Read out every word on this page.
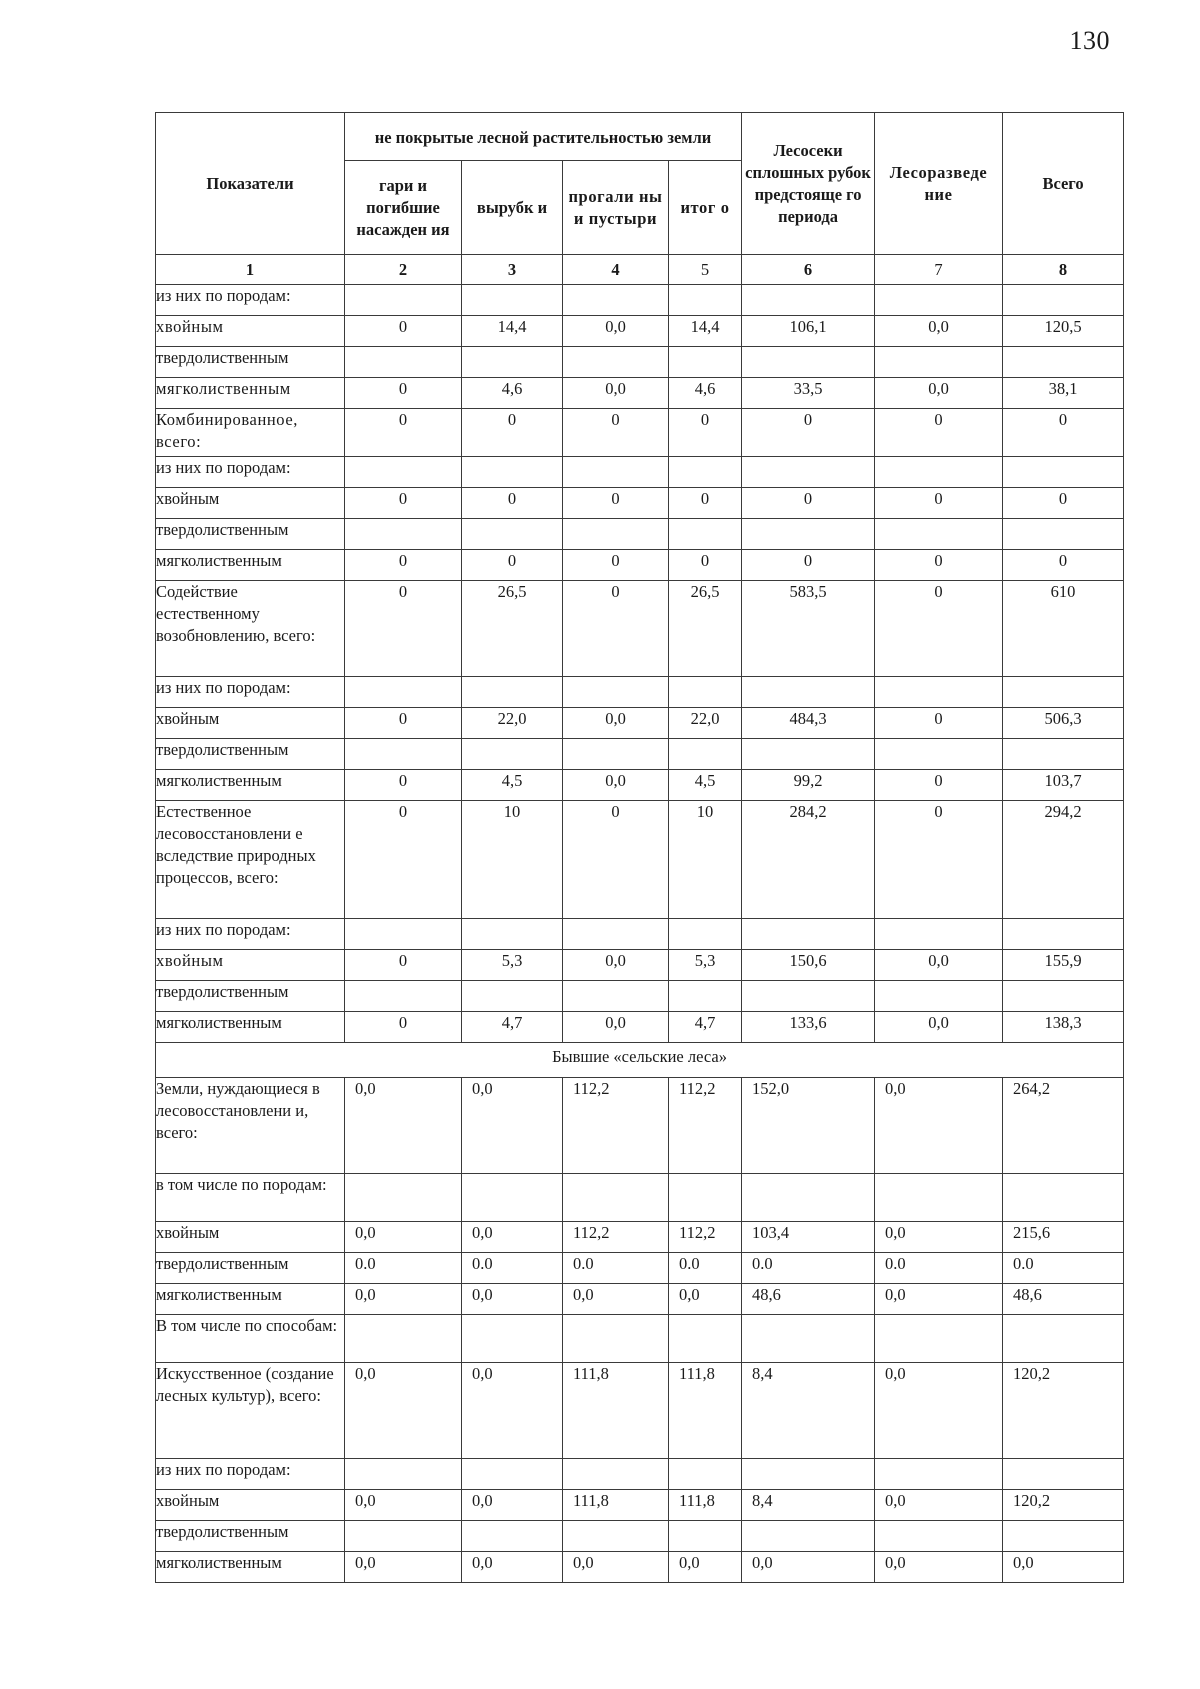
130
Показатели	не покрытые лесной растительностью земли				Лесосеки сплошных рубок предстояще го периода	Лесоразведе ние	Всего
	гари и погибшие насажден ия	вырубк и	прогали ны и пустыри	итог о			
1	2	3	4	5	6	7	8
из них по породам:							
хвойным	0	14,4	0,0	14,4	106,1	0,0	120,5
твердолиственным							
мягколиственным	0	4,6	0,0	4,6	33,5	0,0	38,1
Комбинированное, всего:	0	0	0	0	0	0	0
из них по породам:							
хвойным	0	0	0	0	0	0	0
твердолиственным							
мягколиственным	0	0	0	0	0	0	0
Содействие естественному возобновлению, всего:	0	26,5	0	26,5	583,5	0	610
из них по породам:							
хвойным	0	22,0	0,0	22,0	484,3	0	506,3
твердолиственным							
мягколиственным	0	4,5	0,0	4,5	99,2	0	103,7
Естественное лесовосстановлени е вследствие природных процессов, всего:	0	10	0	10	284,2	0	294,2
из них по породам:							
хвойным	0	5,3	0,0	5,3	150,6	0,0	155,9
твердолиственным							
мягколиственным	0	4,7	0,0	4,7	133,6	0,0	138,3
Бывшие «сельские леса»							
Земли, нуждающиеся в лесовосстановлени и, всего:	0,0	0,0	112,2	112,2	152,0	0,0	264,2
в том числе по породам:							
хвойным	0,0	0,0	112,2	112,2	103,4	0,0	215,6
твердолиственным	0.0	0.0	0.0	0.0	0.0	0.0	0.0
мягколиственным	0,0	0,0	0,0	0,0	48,6	0,0	48,6
В том числе по способам:							
Искусственное (создание лесных культур), всего:	0,0	0,0	111,8	111,8	8,4	0,0	120,2
из них по породам:							
хвойным	0,0	0,0	111,8	111,8	8,4	0,0	120,2
твердолиственным							
мягколиственным	0,0	0,0	0,0	0,0	0,0	0,0	0,0
